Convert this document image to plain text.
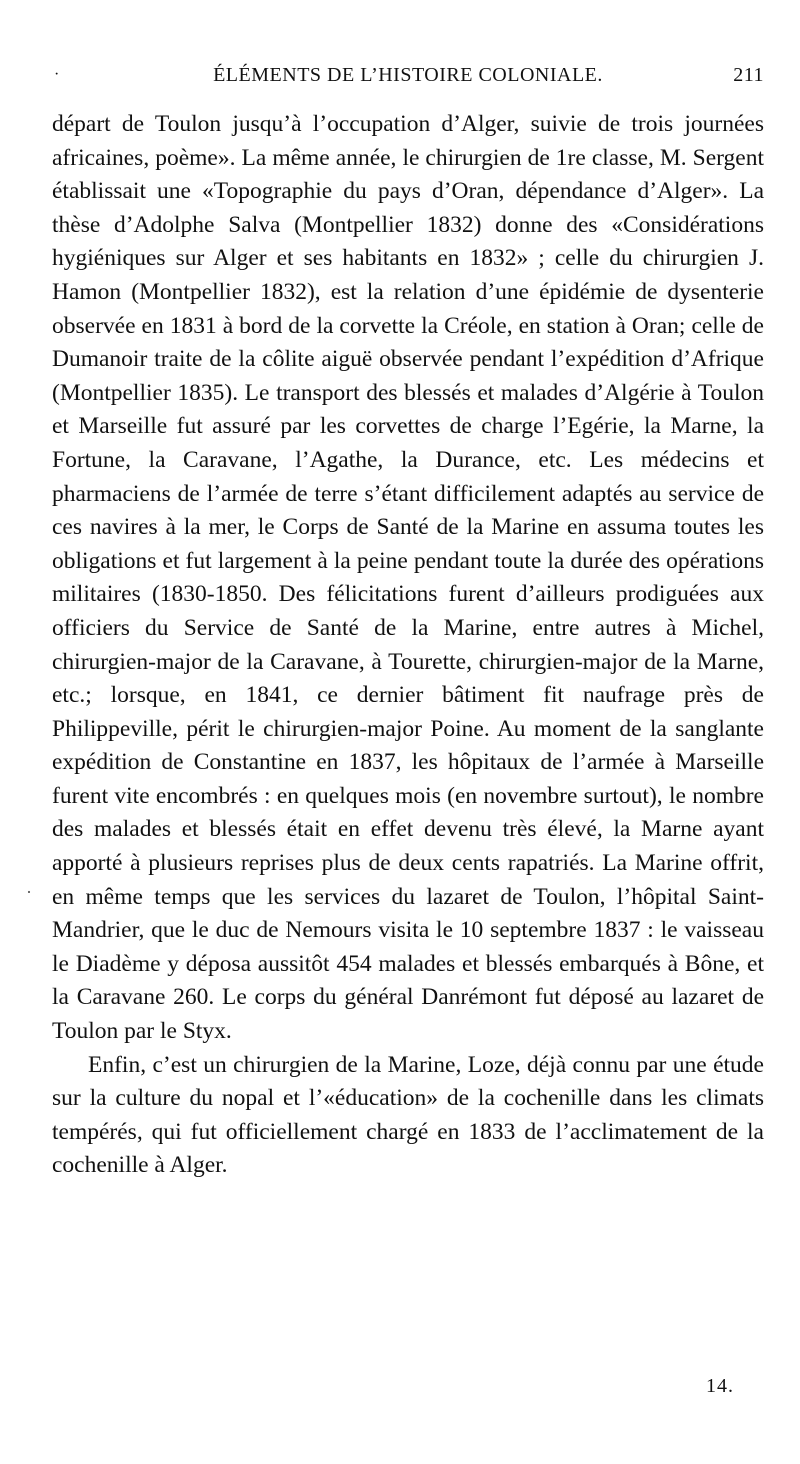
·	ÉLÉMENTS DE L’HISTOIRE COLONIALE.	211

départ de Toulon jusqu’à l’occupation d’Alger, suivie de trois journées africaines, poème». La même année, le chirurgien de 1re classe, M. Sergent établissait une «Topographie du pays d’Oran, dépendance d’Alger». La thèse d’Adolphe Salva (Montpellier 1832) donne des «Considérations hygiéniques sur Alger et ses habitants en 1832» ; celle du chirurgien J. Hamon (Montpellier 1832), est la relation d’une épidémie de dysenterie observée en 1831 à bord de la corvette la Créole, en station à Oran; celle de Dumanoir traite de la côlite aiguë observée pendant l’expédition d’Afrique (Montpellier 1835). Le transport des blessés et malades d’Algérie à Toulon et Marseille fut assuré par les corvettes de charge l’Egérie, la Marne, la Fortune, la Caravane, l’Agathe, la Durance, etc. Les médecins et pharmaciens de l’armée de terre s’étant difficilement adaptés au service de ces navires à la mer, le Corps de Santé de la Marine en assuma toutes les obligations et fut largement à la peine pendant toute la durée des opérations militaires (1830-1850. Des félicitations furent d’ailleurs prodiguées aux officiers du Service de Santé de la Marine, entre autres à Michel, chirurgien-major de la Caravane, à Tourette, chirurgien-major de la Marne, etc.; lorsque, en 1841, ce dernier bâtiment fit naufrage près de Philippeville, périt le chirurgien-major Poine. Au moment de la sanglante expédition de Constantine en 1837, les hôpitaux de l’armée à Marseille furent vite encombrés : en quelques mois (en novembre surtout), le nombre des malades et blessés était en effet devenu très élevé, la Marne ayant apporté à plusieurs reprises plus de deux cents rapatriés. La Marine offrit, en même temps que les services du lazaret de Toulon, l’hôpital Saint-Mandrier, que le duc de Nemours visita le 10 septembre 1837 : le vaisseau le Diadème y déposa aussitôt 454 malades et blessés embarqués à Bône, et la Caravane 260. Le corps du général Danrémont fut déposé au lazaret de Toulon par le Styx.

Enfin, c’est un chirurgien de la Marine, Loze, déjà connu par une étude sur la culture du nopal et l’«éducation» de la cochenille dans les climats tempérés, qui fut officiellement chargé en 1833 de l’acclimatement de la cochenille à Alger.

·
14.
